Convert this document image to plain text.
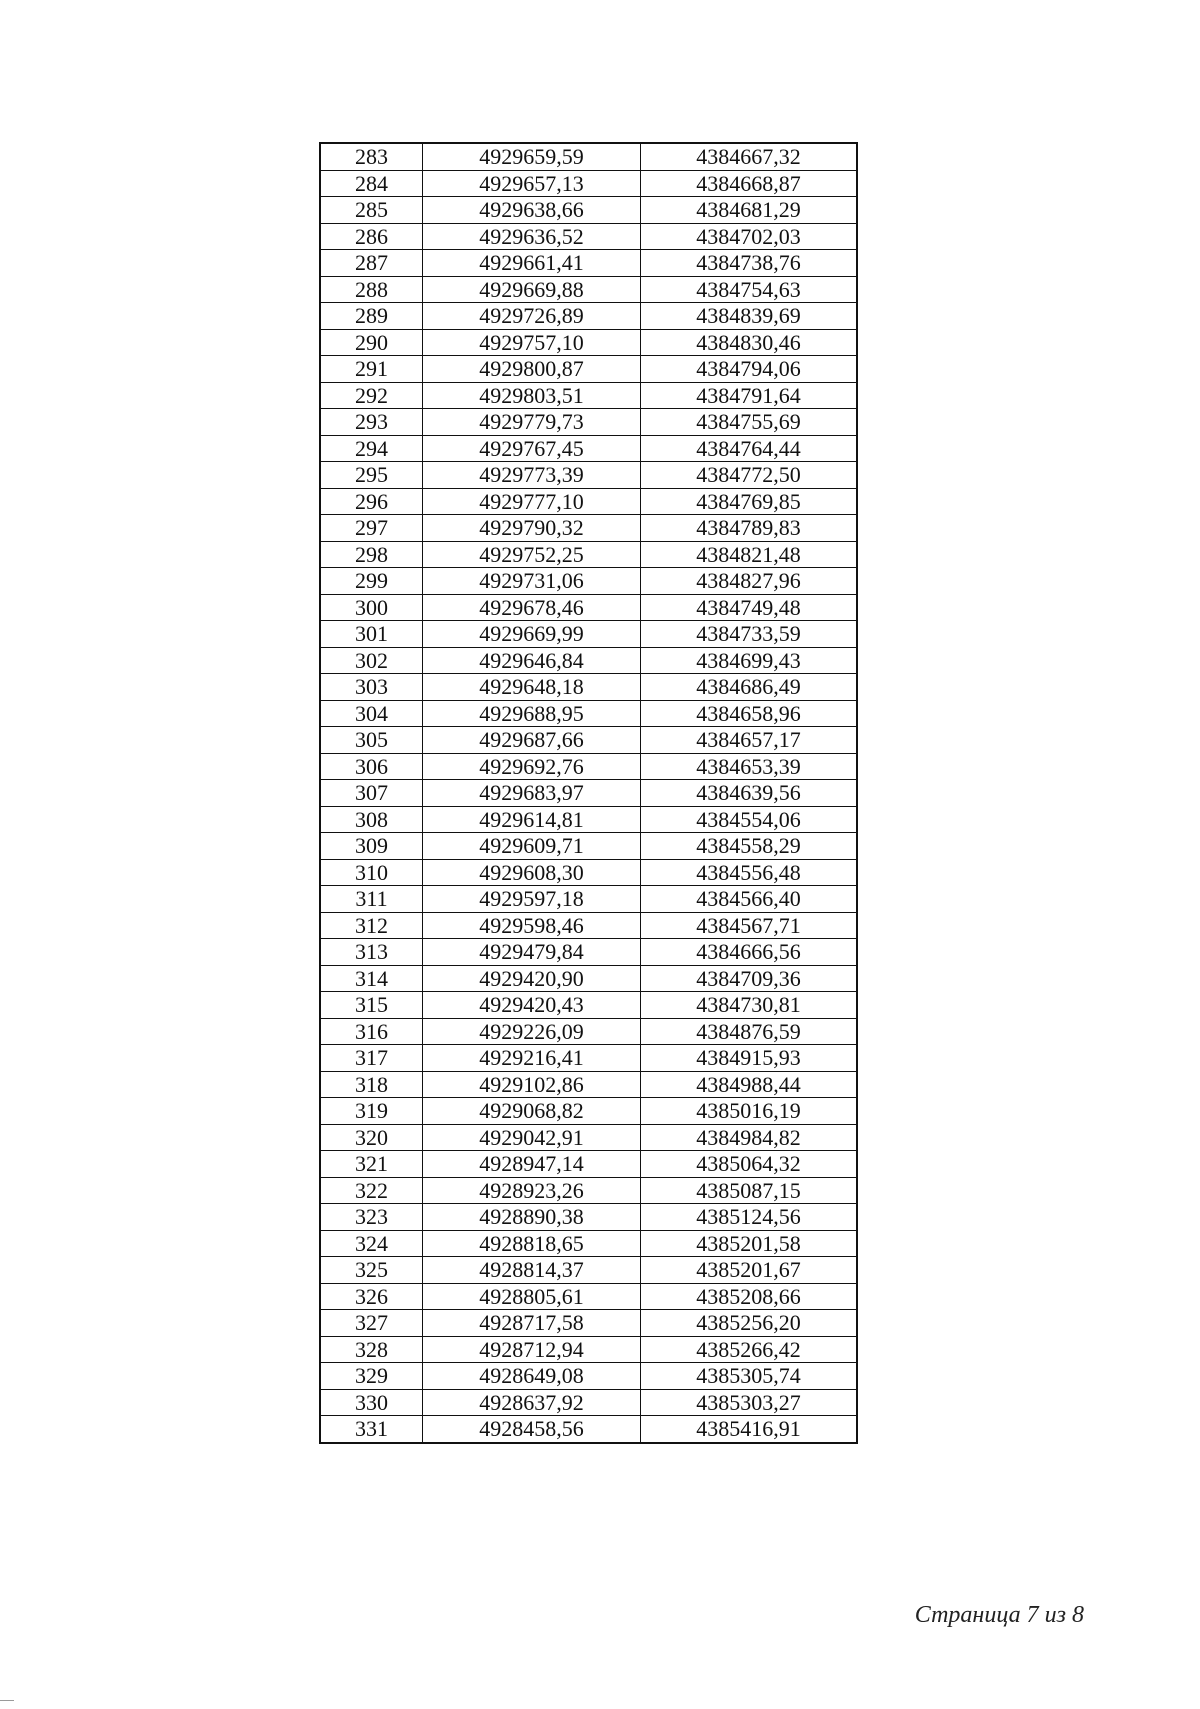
283	4929659,59	4384667,32
284	4929657,13	4384668,87
285	4929638,66	4384681,29
286	4929636,52	4384702,03
287	4929661,41	4384738,76
288	4929669,88	4384754,63
289	4929726,89	4384839,69
290	4929757,10	4384830,46
291	4929800,87	4384794,06
292	4929803,51	4384791,64
293	4929779,73	4384755,69
294	4929767,45	4384764,44
295	4929773,39	4384772,50
296	4929777,10	4384769,85
297	4929790,32	4384789,83
298	4929752,25	4384821,48
299	4929731,06	4384827,96
300	4929678,46	4384749,48
301	4929669,99	4384733,59
302	4929646,84	4384699,43
303	4929648,18	4384686,49
304	4929688,95	4384658,96
305	4929687,66	4384657,17
306	4929692,76	4384653,39
307	4929683,97	4384639,56
308	4929614,81	4384554,06
309	4929609,71	4384558,29
310	4929608,30	4384556,48
311	4929597,18	4384566,40
312	4929598,46	4384567,71
313	4929479,84	4384666,56
314	4929420,90	4384709,36
315	4929420,43	4384730,81
316	4929226,09	4384876,59
317	4929216,41	4384915,93
318	4929102,86	4384988,44
319	4929068,82	4385016,19
320	4929042,91	4384984,82
321	4928947,14	4385064,32
322	4928923,26	4385087,15
323	4928890,38	4385124,56
324	4928818,65	4385201,58
325	4928814,37	4385201,67
326	4928805,61	4385208,66
327	4928717,58	4385256,20
328	4928712,94	4385266,42
329	4928649,08	4385305,74
330	4928637,92	4385303,27
331	4928458,56	4385416,91
Страница 7 из 8
